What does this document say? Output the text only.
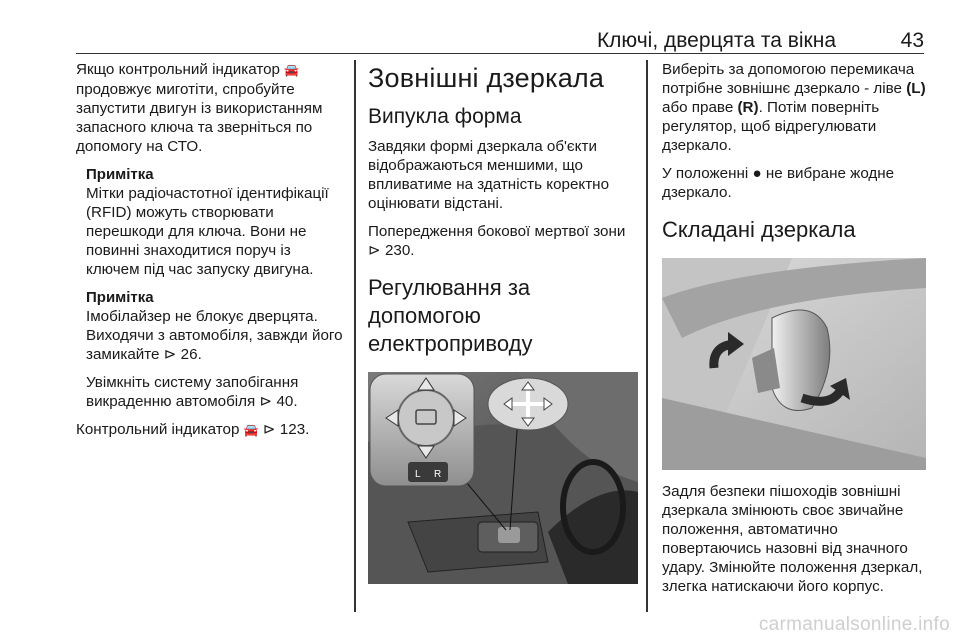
Ключі, дверцята та вікна	43

Якщо контрольний індикатор 🚘 продовжує миготіти, спробуйте запустити двигун із використанням запасного ключа та зверніться по допомогу на СТО.

Примітка

Мітки радіочастотної ідентифікації (RFID) можуть створювати перешкоди для ключа. Вони не повинні знаходитися поруч із ключем під час запуску двигуна.

Примітка

Імобілайзер не блокує дверцята. Виходячи з автомобіля, завжди його замикайте ⊳ 26.

Увімкніть систему запобігання викраденню автомобіля ⊳ 40.

Контрольний індикатор 🚘 ⊳ 123.

Зовнішні дзеркала
Випукла форма

Завдяки формі дзеркала об'єкти відображаються меншими, що впливатиме на здатність коректно оцінювати відстані.

Попередження бокової мертвої зони ⊳ 230.

Регулювання за допомогою електроприводу
L R

Виберіть за допомогою перемикача потрібне зовнішнє дзеркало - ліве (L) або праве (R). Потім поверніть регулятор, щоб відрегулювати дзеркало.

У положенні ● не вибране жодне дзеркало.

Складані дзеркала

Задля безпеки пішоходів зовнішні дзеркала змінюють своє звичайне положення, автоматично повертаючись назовні від значного удару. Змінюйте положення дзеркал, злегка натискаючи його корпус.

carmanualsonline.info
